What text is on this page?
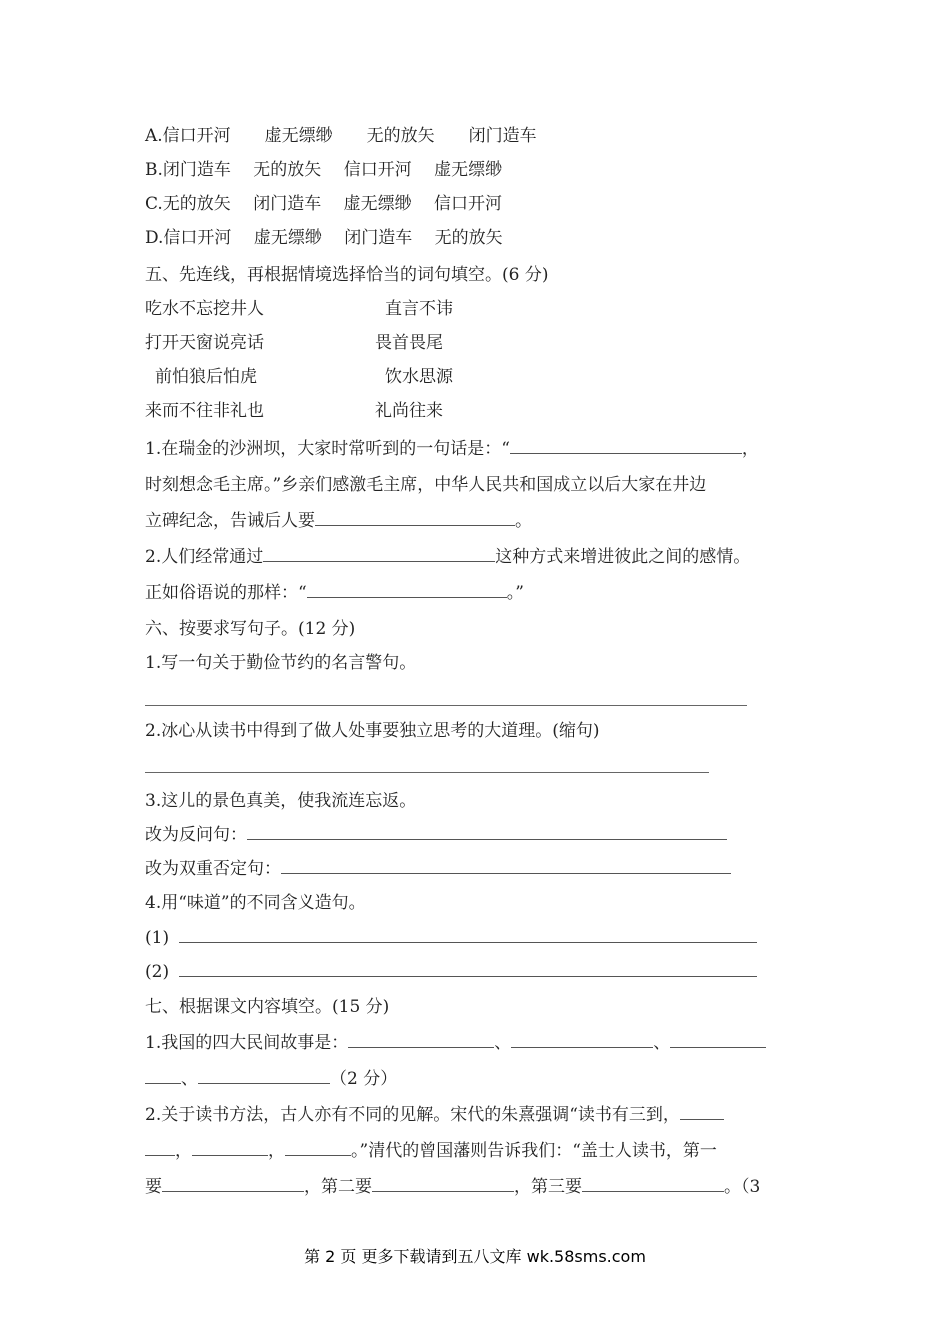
A.信口开河　　虚无缥缈　　无的放矢　　闭门造车
B.闭门造车　 无的放矢　 信口开河　 虚无缥缈
C.无的放矢　 闭门造车　 虚无缥缈　 信口开河
D.信口开河　 虚无缥缈　 闭门造车　 无的放矢
五、先连线，再根据情境选择恰当的词句填空。(6 分)
吃水不忘挖井人	直言不讳
打开天窗说亮话	畏首畏尾
前怕狼后怕虎	饮水思源
来而不往非礼也	礼尚往来
1.在瑞金的沙洲坝，大家时常听到的一句话是：“	，
时刻想念毛主席。”乡亲们感激毛主席，中华人民共和国成立以后大家在井边
立碑纪念，告诫后人要	。
2.人们经常通过	这种方式来增进彼此之间的感情。
正如俗语说的那样：“	。”
六、按要求写句子。(12 分)
1.写一句关于勤俭节约的名言警句。
2.冰心从读书中得到了做人处事要独立思考的大道理。(缩句)
3.这儿的景色真美，使我流连忘返。
改为反问句：
改为双重否定句：
4.用“味道”的不同含义造句。
(1)
(2)
七、根据课文内容填空。(15 分)
1.我国的四大民间故事是：	、	、
、	（2 分）
2.关于读书方法，古人亦有不同的见解。宋代的朱熹强调“读书有三到，
，	，	。”清代的曾国藩则告诉我们：“盖士人读书，第一
要	，第二要	，第三要	。（3
第 2 页 更多下载请到五八文库 wk.58sms.com
